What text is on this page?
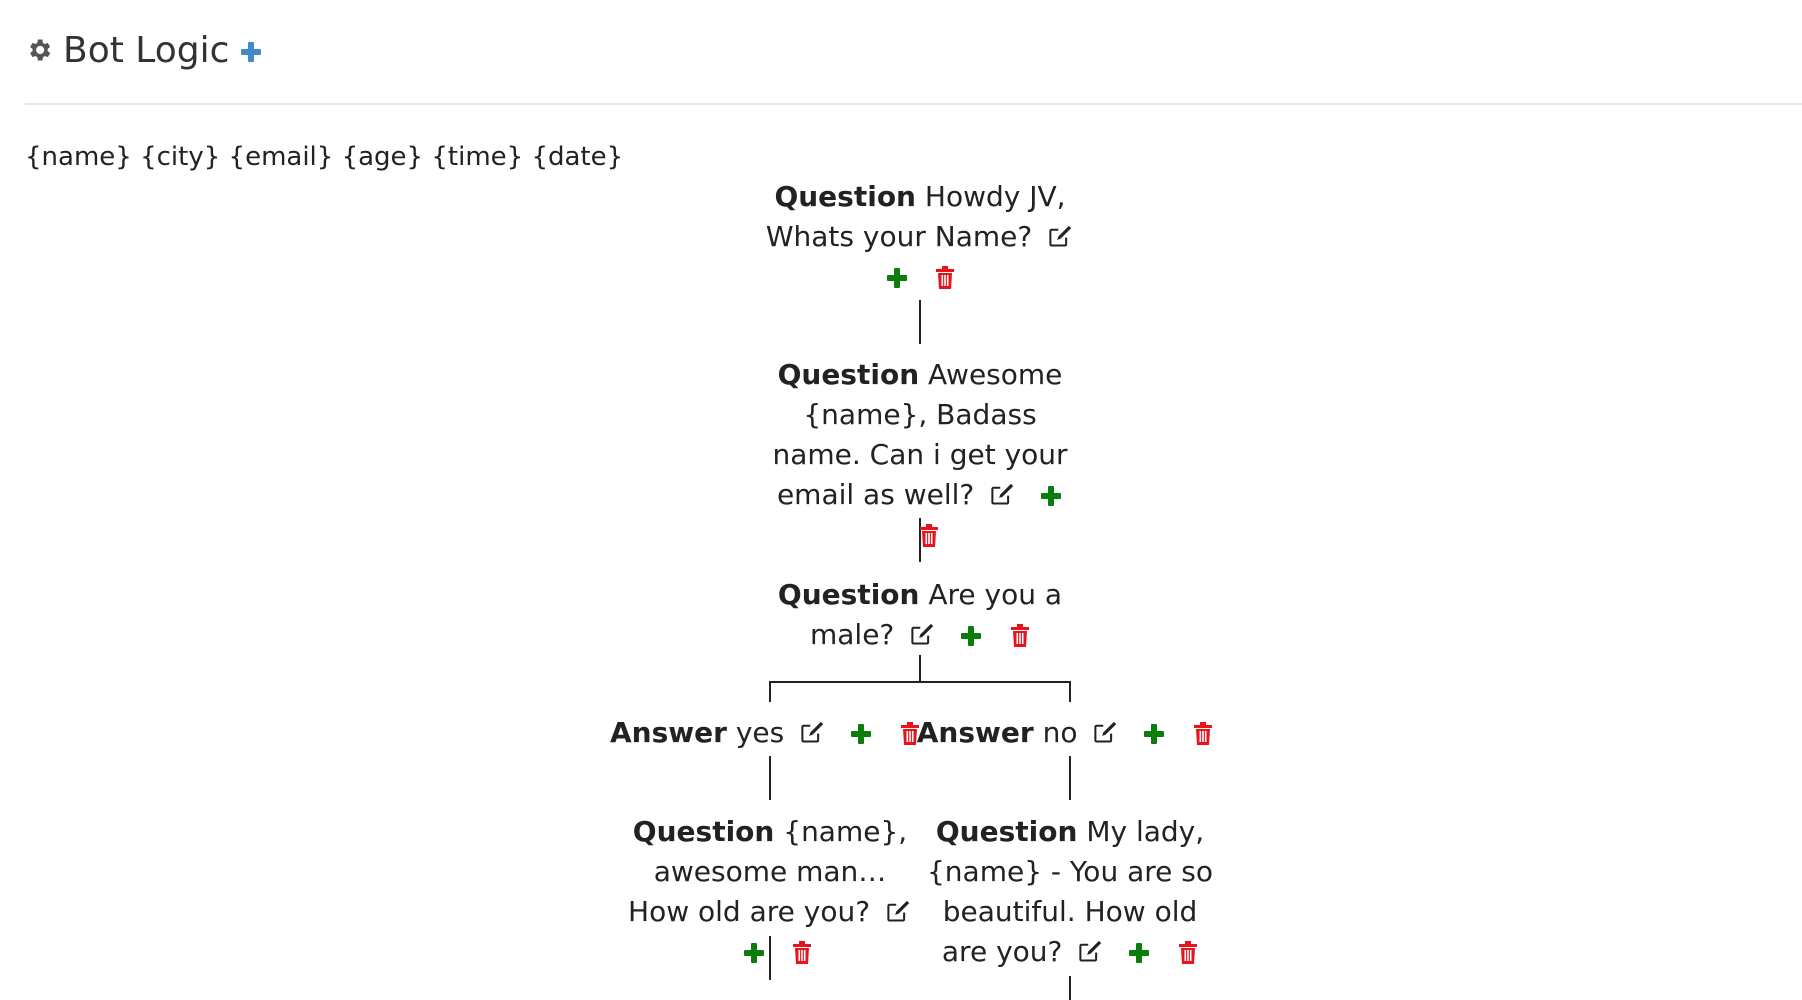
Bot Logic
{name} {city} {email} {age} {time} {date}
Question Howdy JV, Whats your Name?

Question Awesome {name}, Badass name. Can i get your email as well?
Question Are you a male?
Answer yes	Answer no
Question {name}, awesome man… How old are you?
Question My lady, {name} - You are so beautiful. How old are you?
